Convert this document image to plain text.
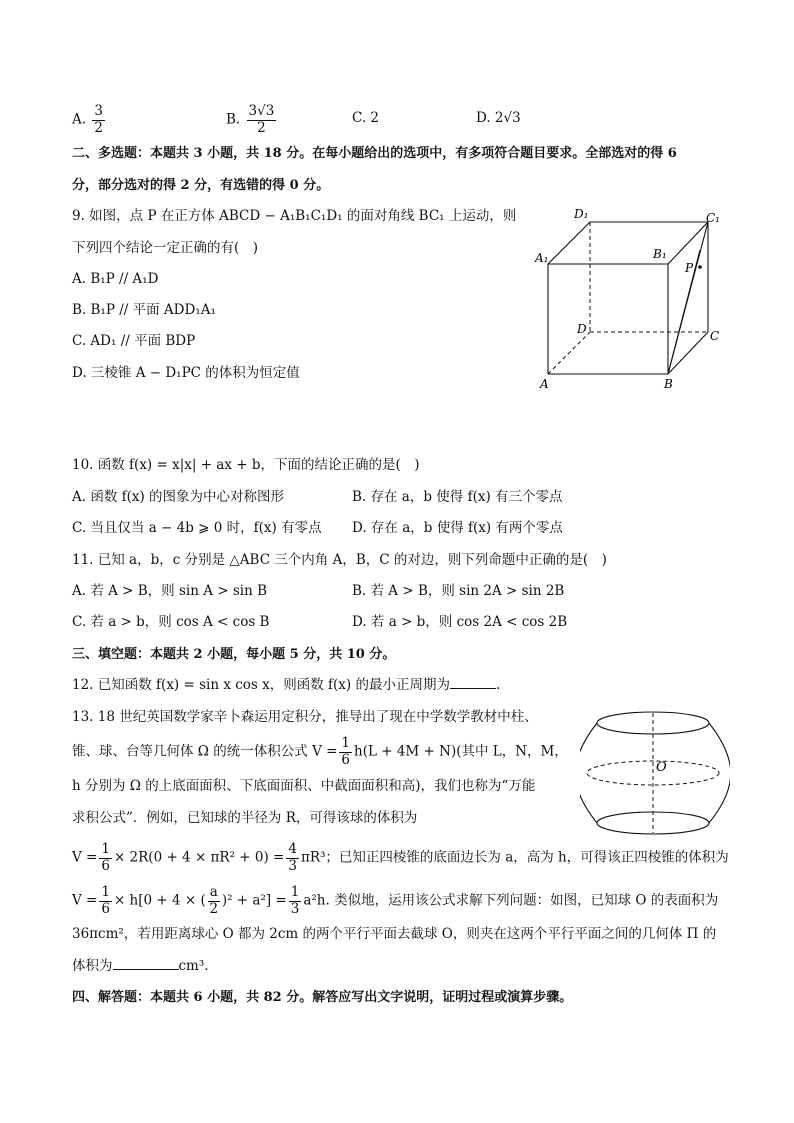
A. $\frac{3}{2}$	B. $\frac{3√3}{2}$	C. 2	D. 2√3
二、多选题：本题共 3 小题，共 18 分。在每小题给出的选项中，有多项符合题目要求。全部选对的得 6
分，部分选对的得 2 分，有选错的得 0 分。
9. 如图，点 P 在正方体 ABCD − A₁B₁C₁D₁ 的面对角线 BC₁ 上运动，则
下列四个结论一定正确的有(　)
A. B₁P // A₁D
B. B₁P // 平面 ADD₁A₁
C. AD₁ // 平面 BDP
D. 三棱锥 A − D₁PC 的体积为恒定值
D₁	C₁
A₁	B₁
P
D	C
A	B
10. 函数 f(x) = x|x| + ax + b，下面的结论正确的是(　)
A. 函数 f(x) 的图象为中心对称图形	B. 存在 a，b 使得 f(x) 有三个零点
C. 当且仅当 a − 4b ⩾ 0 时，f(x) 有零点 D. 存在 a，b 使得 f(x) 有两个零点
11. 已知 a，b，c 分别是 △ABC 三个内角 A，B，C 的对边，则下列命题中正确的是(　)
A. 若 A > B，则 sin A > sin B	B. 若 A > B，则 sin 2A > sin 2B
C. 若 a > b，则 cos A < cos B	D. 若 a > b，则 cos 2A < cos 2B
三、填空题：本题共 2 小题，每小题 5 分，共 10 分。
12. 已知函数 f(x) = sin x cos x，则函数 f(x) 的最小正周期为	.
13. 18 世纪英国数学家辛卜森运用定积分，推导出了现在中学数学教材中柱、
锥、球、台等几何体 Ω 的统一体积公式 $V = \frac{1}{6} h(L + 4M + N)$(其中 L，N，M，
h 分别为 Ω 的上底面面积、下底面面积、中截面面积和高)，我们也称为“万能
求积公式”．例如，已知球的半径为 R，可得该球的体积为
O
$V = \frac{1}{6} \times 2R(0 + 4 \times \pi R^2 + 0) = \frac{4}{3} \pi R^3$；已知正四棱锥的底面边长为 a，高为 h，可得该正四棱锥的体积为
$V = \frac{1}{6} \times h[0 + 4$ × ( $\frac{a}{2} )^2 + a^2] = \frac{1}{3} a^2h$. 类似地，运用该公式求解下列问题：如图，已知球 O 的表面积为
36πcm²，若用距离球心 O 都为 2cm 的两个平行平面去截球 O，则夹在这两个平行平面之间的几何体 Π 的
体积为	cm³.
四、解答题：本题共 6 小题，共 82 分。解答应写出文字说明，证明过程或演算步骤。
